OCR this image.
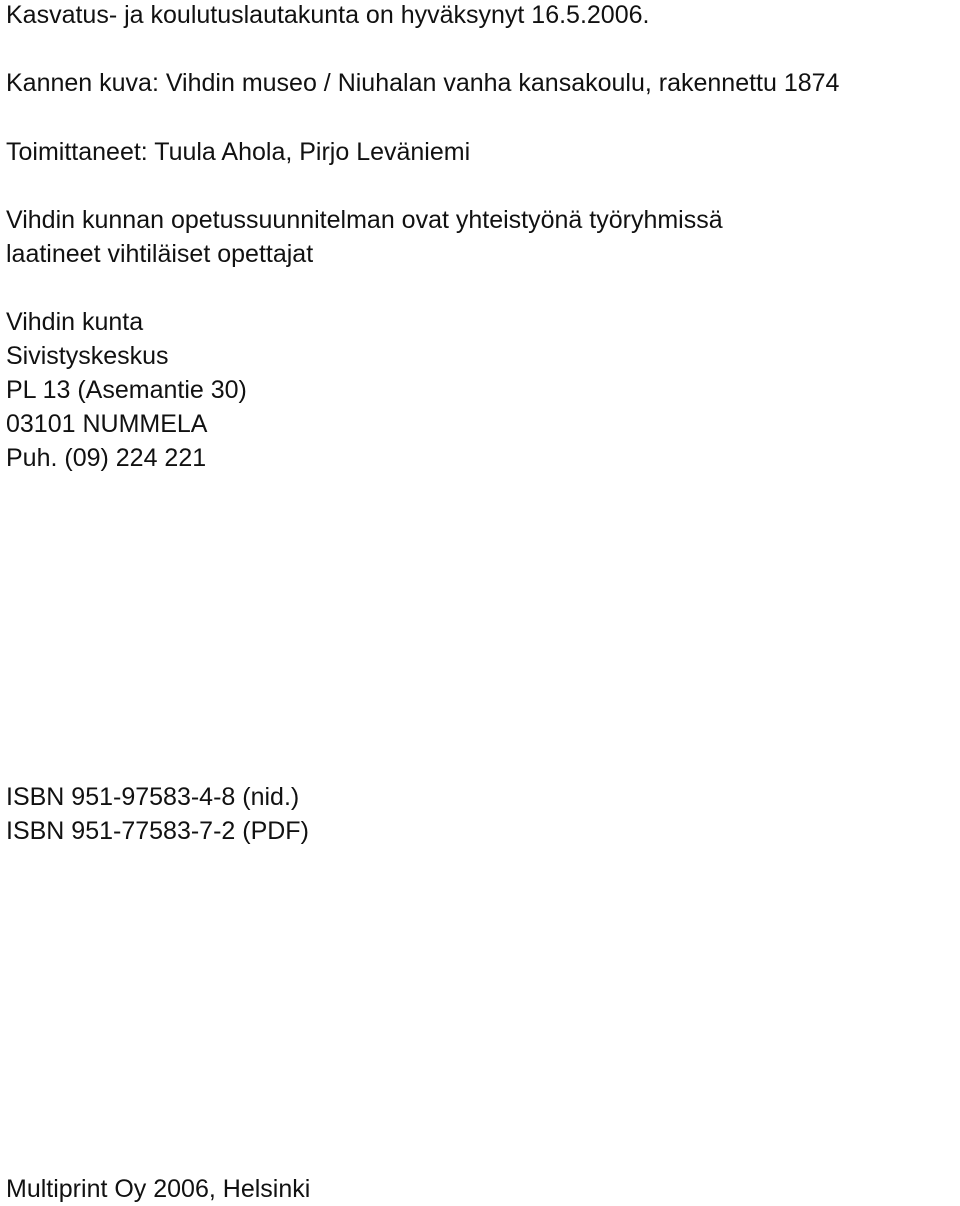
Kasvatus- ja koulutuslautakunta on hyväksynyt 16.5.2006.

Kannen kuva: Vihdin museo / Niuhalan vanha kansakoulu, rakennettu 1874

Toimittaneet: Tuula Ahola, Pirjo Leväniemi

Vihdin kunnan opetussuunnitelman ovat yhteistyönä työryhmissä

laatineet vihtiläiset opettajat

Vihdin kunta

Sivistyskeskus

PL 13 (Asemantie 30)

03101 NUMMELA

Puh. (09) 224 221

ISBN 951-97583-4-8 (nid.)

ISBN 951-77583-7-2 (PDF)

Multiprint Oy 2006, Helsinki
